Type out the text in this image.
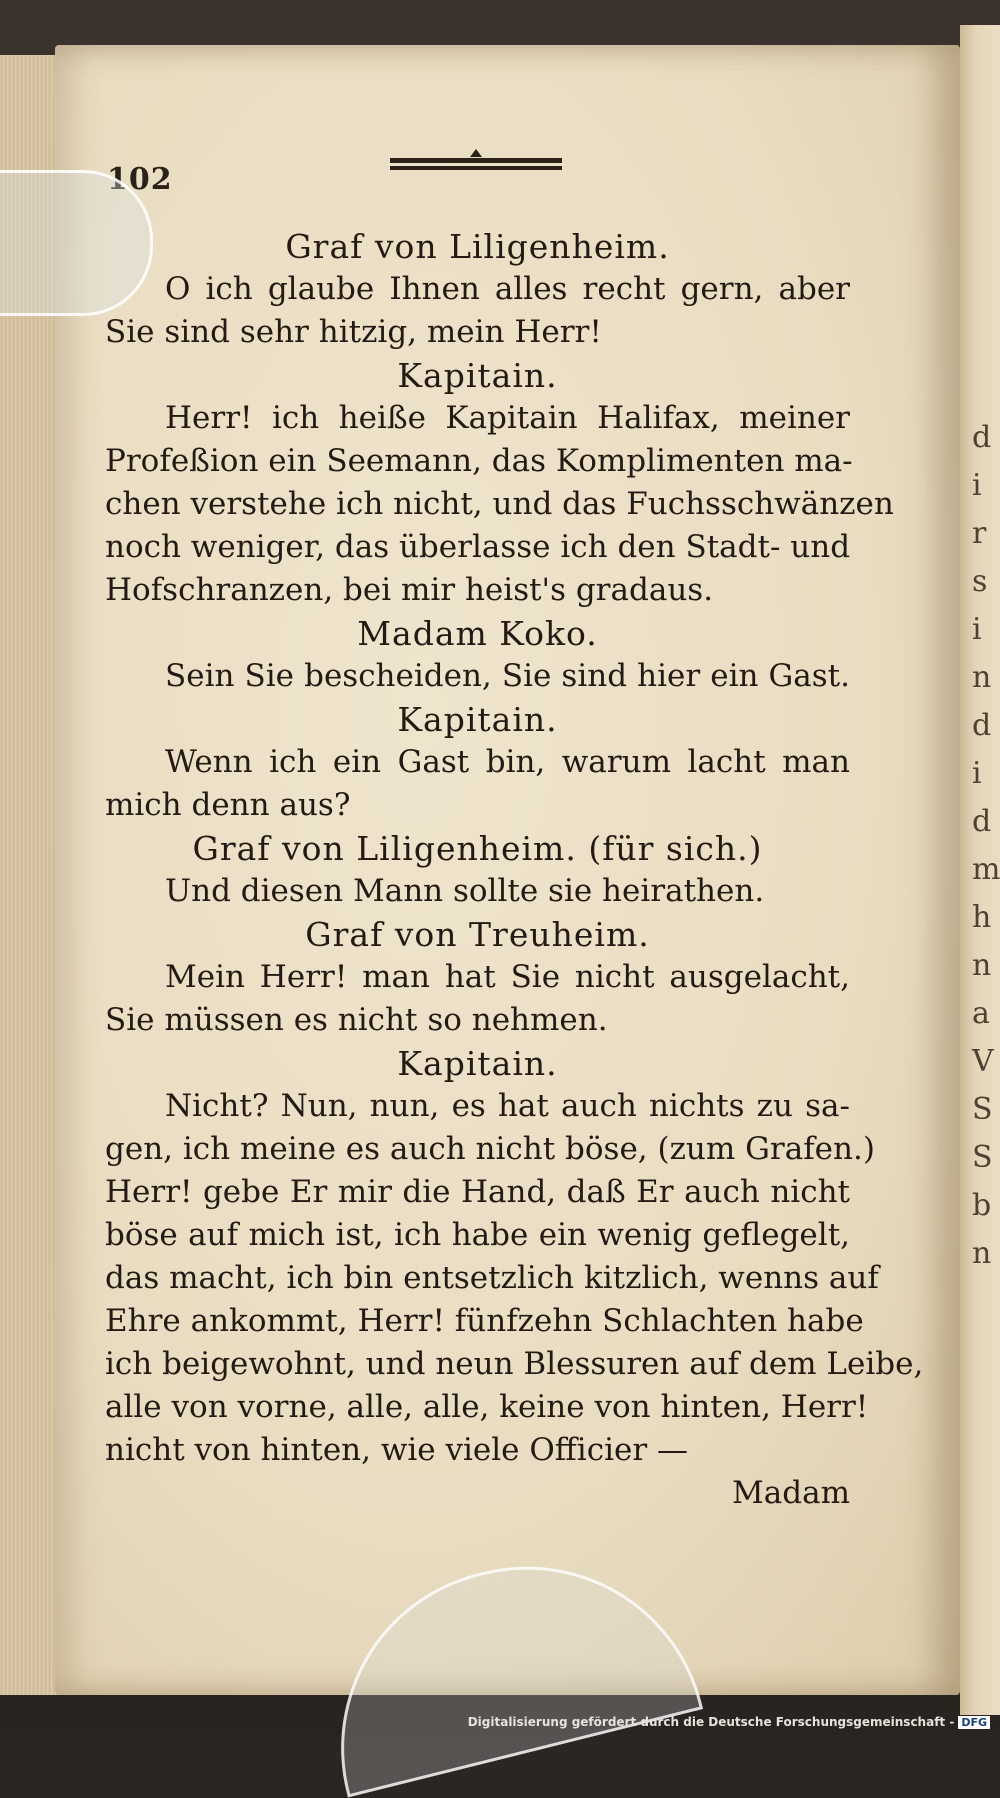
d
i
r
s
i
n
d
i
d
m
h
n
a
V
S
S
b
n
102
Graf von Liligenheim.
O ich glaube Ihnen alles recht gern, aber
Sie sind sehr hitzig, mein Herr!
Kapitain.
Herr! ich heiße Kapitain Halifax, meiner
Profeßion ein Seemann, das Komplimenten ma-
chen verstehe ich nicht, und das Fuchsschwänzen
noch weniger, das überlasse ich den Stadt- und
Hofschranzen, bei mir heist's gradaus.
Madam Koko.
Sein Sie bescheiden, Sie sind hier ein Gast.
Kapitain.
Wenn ich ein Gast bin, warum lacht man
mich denn aus?
Graf von Liligenheim. (für sich.)
Und diesen Mann sollte sie heirathen.
Graf von Treuheim.
Mein Herr! man hat Sie nicht ausgelacht,
Sie müssen es nicht so nehmen.
Kapitain.
Nicht? Nun, nun, es hat auch nichts zu sa-
gen, ich meine es auch nicht böse, (zum Grafen.)
Herr! gebe Er mir die Hand, daß Er auch nicht
böse auf mich ist, ich habe ein wenig geflegelt,
das macht, ich bin entsetzlich kitzlich, wenns auf
Ehre ankommt, Herr! fünfzehn Schlachten habe
ich beigewohnt, und neun Blessuren auf dem Leibe,
alle von vorne, alle, alle, keine von hinten, Herr!
nicht von hinten, wie viele Officier —
Madam
Digitalisierung gefördert durch die Deutsche Forschungsgemeinschaft - DFG
